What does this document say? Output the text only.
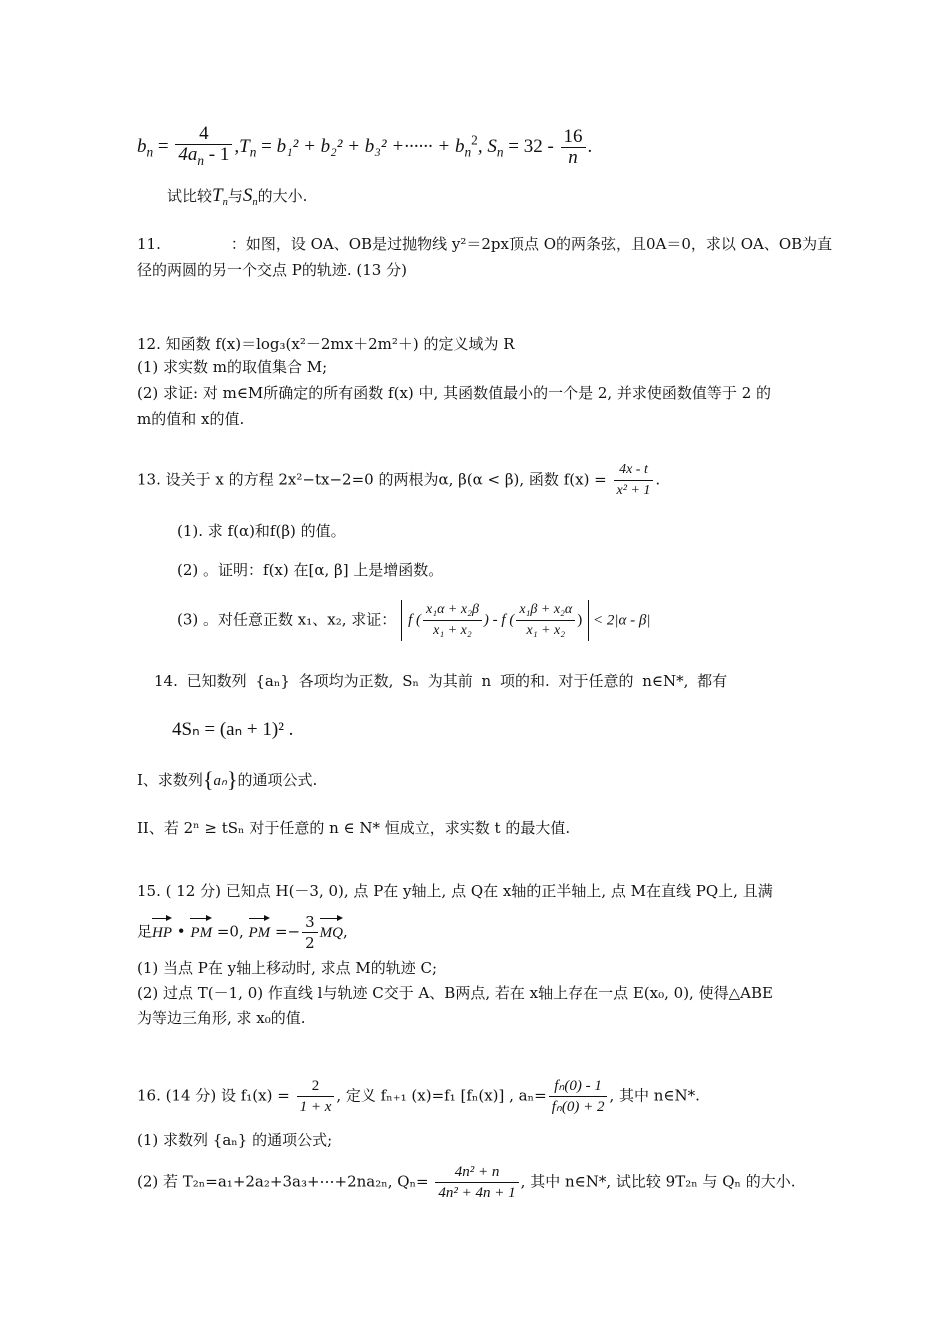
$b_n = \frac{4}{4a_n - 1} ,T_n = b_1^2 + b_2^2 + b_3^2$ +······ + $b_n^2$, $S_n = 32 - \frac{16}{n}$ .
试比较$T_n$与$S_n$的大小.
11.	：如图，设 OA、OB是过抛物线 y²＝2px顶点 O的两条弦，且0A＝0，求以 OA、OB为直
径的两圆的另一个交点 P的轨迹. (13 分)
12. 知函数 f(x)＝log₃(x²－2mx＋2m²＋) 的定义域为 R
(1) 求实数 m的取值集合 M;
(2) 求证: 对 m∈M所确定的所有函数 f(x) 中, 其函数值最小的一个是 2, 并求使函数值等于 2 的
m的值和 x的值.
13. 设关于 x 的方程 2x²−tx−2=0 的两根为α, β(α < β), 函数 $f(x) = \frac{4x - t}{\text{x² + 1}}$ .
(1). 求 f(α)和f(β) 的值。
(2) 。证明：f(x) 在[α, β] 上是增函数。
(3) 。对任意正数 x₁、x₂, 求证： f ( $\frac{\text{x₁α + x₂β}}{\text{x₁ + x₂}}$ ) - f ( $\frac{\text{x₁β + x₂α}}{\text{x₁ + x₂}}$ ) < 2|α - β|
14. 已知数列 {aₙ} 各项均为正数, Sₙ 为其前 n 项的和. 对于任意的 n∈N*, 都有
4Sₙ = (aₙ + 1)² .
I、求数列{aₙ}的通项公式.
II、若 2ⁿ ≥ tSₙ 对于任意的 n ∈ N* 恒成立，求实数 t 的最大值.
15. ( 12 分) 已知点 H(－3, 0), 点 P在 y轴上, 点 Q在 x轴的正半轴上, 点 M在直线 PQ上, 且满
足HP • PM =0, PM =− $\frac{3}{2}$ MQ,
(1) 当点 P在 y轴上移动时, 求点 M的轨迹 C;
(2) 过点 T(－1, 0) 作直线 l与轨迹 C交于 A、B两点, 若在 x轴上存在一点 E(x₀, 0), 使得△ABE
为等边三角形, 求 x₀的值.
16. (14 分) 设 $f_1(x) = \frac{2}{1 + x}$ , 定义 fₙ₊₁ (x)=f₁ [fₙ(x)] , $a_n= \frac{\text{fₙ(0) - 1}}{\text{fₙ(0) + 2}}$ , 其中 n∈N*.
(1) 求数列 {aₙ} 的通项公式;
(2) 若 T₂ₙ=a₁+2a₂+3a₃+⋯+2na₂ₙ, $Q_n= \frac{\text{4n² + n}}{\text{4n² + 4n + 1}}$ , 其中 n∈N*, 试比较 9T₂ₙ 与 Qₙ 的大小.
